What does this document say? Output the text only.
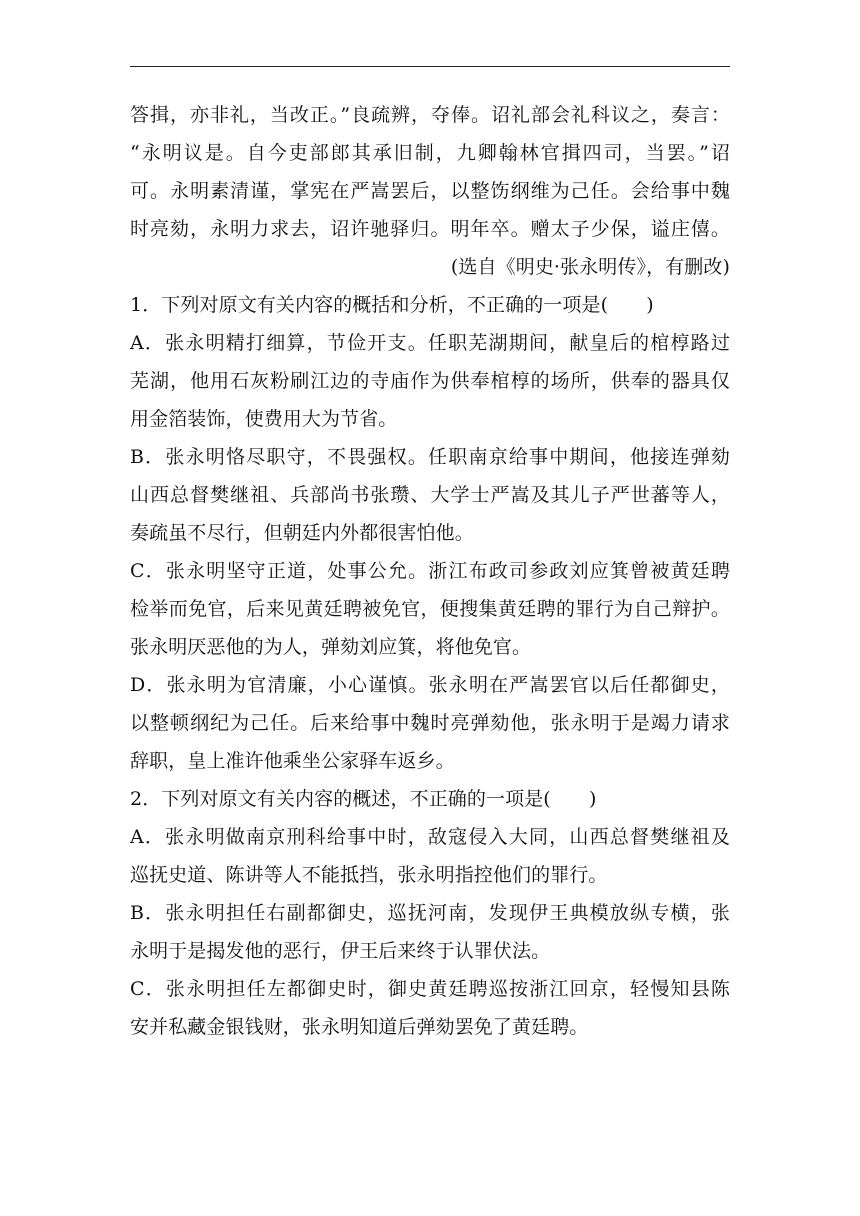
答揖，亦非礼，当改正。”良疏辨，夺俸。诏礼部会礼科议之，奏言：
“永明议是。自今吏部郎其承旧制，九卿翰林官揖四司，当罢。”诏
可。永明素清谨，掌宪在严嵩罢后，以整饬纲维为己任。会给事中魏
时亮劾，永明力求去，诏许驰驿归。明年卒。赠太子少保，谥庄僖。
(选自《明史·张永明传》，有删改)
1．下列对原文有关内容的概括和分析，不正确的一项是(　　)
A．张永明精打细算，节俭开支。任职芜湖期间，献皇后的棺椁路过
芜湖，他用石灰粉刷江边的寺庙作为供奉棺椁的场所，供奉的器具仅
用金箔装饰，使费用大为节省。
B．张永明恪尽职守，不畏强权。任职南京给事中期间，他接连弹劾
山西总督樊继祖、兵部尚书张瓒、大学士严嵩及其儿子严世蕃等人，
奏疏虽不尽行，但朝廷内外都很害怕他。
C．张永明坚守正道，处事公允。浙江布政司参政刘应箕曾被黄廷聘
检举而免官，后来见黄廷聘被免官，便搜集黄廷聘的罪行为自己辩护。
张永明厌恶他的为人，弹劾刘应箕，将他免官。
D．张永明为官清廉，小心谨慎。张永明在严嵩罢官以后任都御史，
以整顿纲纪为己任。后来给事中魏时亮弹劾他，张永明于是竭力请求
辞职，皇上准许他乘坐公家驿车返乡。
2．下列对原文有关内容的概述，不正确的一项是(　　)
A．张永明做南京刑科给事中时，敌寇侵入大同，山西总督樊继祖及
巡抚史道、陈讲等人不能抵挡，张永明指控他们的罪行。
B．张永明担任右副都御史，巡抚河南，发现伊王典模放纵专横，张
永明于是揭发他的恶行，伊王后来终于认罪伏法。
C．张永明担任左都御史时，御史黄廷聘巡按浙江回京，轻慢知县陈
安并私藏金银钱财，张永明知道后弹劾罢免了黄廷聘。
